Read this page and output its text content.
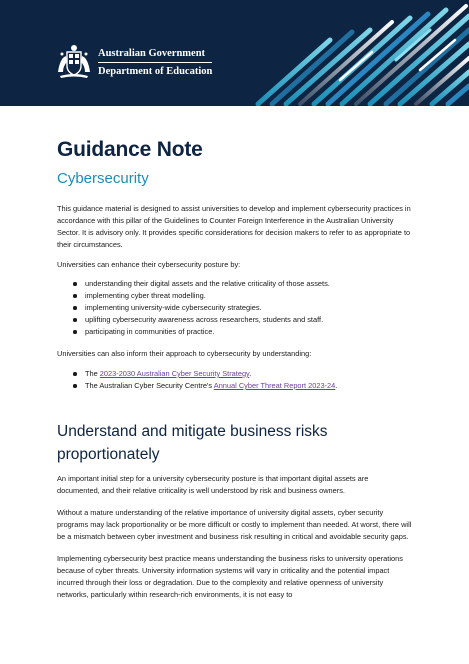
Australian Government
Department of Education
Guidance Note
Cybersecurity

This guidance material is designed to assist universities to develop and implement cybersecurity practices in accordance with this pillar of the Guidelines to Counter Foreign Interference in the Australian University Sector. It is advisory only. It provides specific considerations for decision makers to refer to as appropriate to their circumstances.

Universities can enhance their cybersecurity posture by:

understanding their digital assets and the relative criticality of those assets.
implementing cyber threat modelling.
implementing university-wide cybersecurity strategies.
uplifting cybersecurity awareness across researchers, students and staff.
participating in communities of practice.

Universities can also inform their approach to cybersecurity by understanding:

The 2023-2030 Australian Cyber Security Strategy.
The Australian Cyber Security Centre's Annual Cyber Threat Report 2023-24.
Understand and mitigate business risks proportionately

An important initial step for a university cybersecurity posture is that important digital assets are documented, and their relative criticality is well understood by risk and business owners.

Without a mature understanding of the relative importance of university digital assets, cyber security programs may lack proportionality or be more difficult or costly to implement than needed. At worst, there will be a mismatch between cyber investment and business risk resulting in critical and avoidable security gaps.

Implementing cybersecurity best practice means understanding the business risks to university operations because of cyber threats. University information systems will vary in criticality and the potential impact incurred through their loss or degradation. Due to the complexity and relative openness of university networks, particularly within research-rich environments, it is not easy to
